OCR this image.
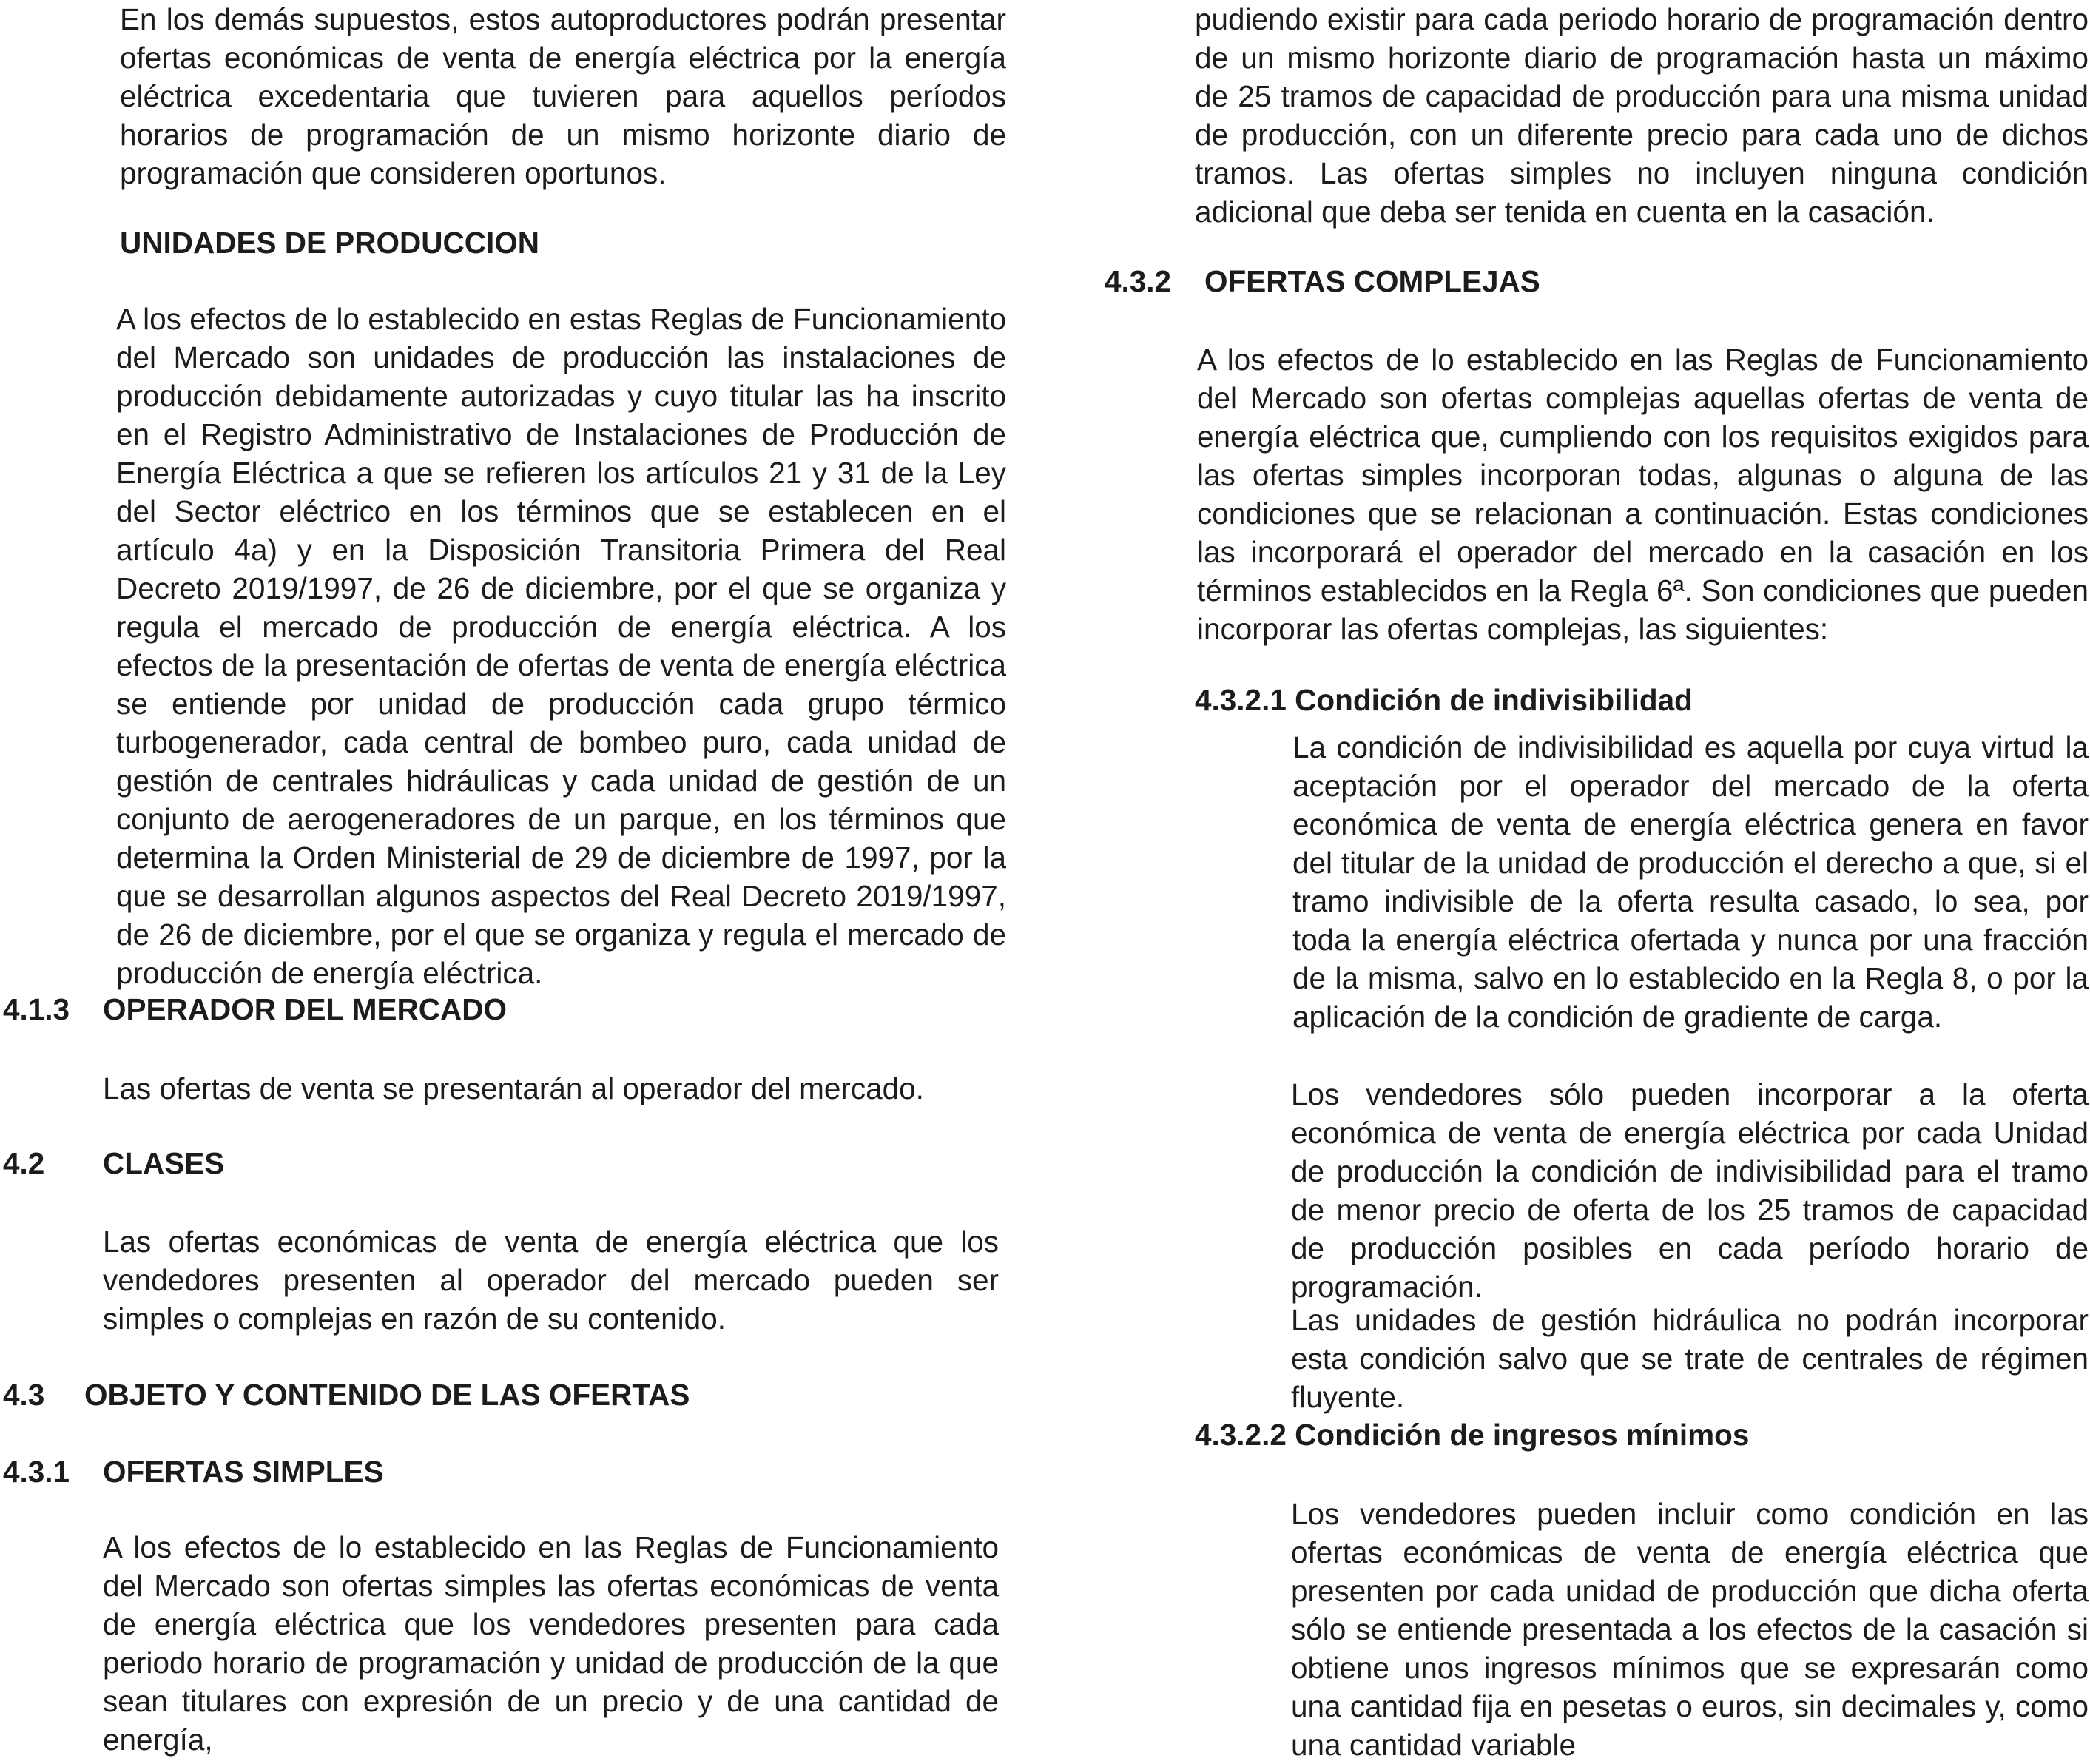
En los demás supuestos, estos autoproductores podrán presentar ofertas económicas de venta de energía eléctrica por la energía eléctrica excedentaria que tuvieren para aquellos períodos horarios de programación de un mismo horizonte diario de programación que consideren oportunos.

UNIDADES DE PRODUCCION

A los efectos de lo establecido en estas Reglas de Funcionamiento del Mercado son unidades de producción las instalaciones de producción debidamente autorizadas y cuyo titular las ha inscrito en el Registro Administrativo de Instalaciones de Producción de Energía Eléctrica a que se refieren los artículos 21 y 31 de la Ley del Sector eléctrico en los términos que se establecen en el artículo 4a) y en la Disposición Transitoria Primera del Real Decreto 2019/1997, de 26 de diciembre, por el que se organiza y regula el mercado de producción de energía eléctrica. A los efectos de la presentación de ofertas de venta de energía eléctrica se entiende por unidad de producción cada grupo térmico turbogenerador, cada central de bombeo puro, cada unidad de gestión de centrales hidráulicas y cada unidad de gestión de un conjunto de aerogeneradores de un parque, en los términos que determina la Orden Ministerial de 29 de diciembre de 1997, por la que se desarrollan algunos aspectos del Real Decreto 2019/1997, de 26 de diciembre, por el que se organiza y regula el mercado de producción de energía eléctrica.

4.1.3 OPERADOR DEL MERCADO

Las ofertas de venta se presentarán al operador del mercado.

4.2 CLASES

Las ofertas económicas de venta de energía eléctrica que los vendedores presenten al operador del mercado pueden ser simples o complejas en razón de su contenido.

4.3 OBJETO Y CONTENIDO DE LAS OFERTAS

4.3.1 OFERTAS SIMPLES

A los efectos de lo establecido en las Reglas de Funcionamiento del Mercado son ofertas simples las ofertas económicas de venta de energía eléctrica que los vendedores presenten para cada periodo horario de programación y unidad de producción de la que sean titulares con expresión de un precio y de una cantidad de energía,

pudiendo existir para cada periodo horario de programación dentro de un mismo horizonte diario de programación hasta un máximo de 25 tramos de capacidad de producción para una misma unidad de producción, con un diferente precio para cada uno de dichos tramos. Las ofertas simples no incluyen ninguna condición adicional que deba ser tenida en cuenta en la casación.

4.3.2 OFERTAS COMPLEJAS

A los efectos de lo establecido en las Reglas de Funcionamiento del Mercado son ofertas complejas aquellas ofertas de venta de energía eléctrica que, cumpliendo con los requisitos exigidos para las ofertas simples incorporan todas, algunas o alguna de las condiciones que se relacionan a continuación. Estas condiciones las incorporará el operador del mercado en la casación en los términos establecidos en la Regla 6ª. Son condiciones que pueden incorporar las ofertas complejas, las siguientes:

4.3.2.1 Condición de indivisibilidad

La condición de indivisibilidad es aquella por cuya virtud la aceptación por el operador del mercado de la oferta económica de venta de energía eléctrica genera en favor del titular de la unidad de producción el derecho a que, si el tramo indivisible de la oferta resulta casado, lo sea, por toda la energía eléctrica ofertada y nunca por una fracción de la misma, salvo en lo establecido en la Regla 8, o por la aplicación de la condición de gradiente de carga.

Los vendedores sólo pueden incorporar a la oferta económica de venta de energía eléctrica por cada Unidad de producción la condición de indivisibilidad para el tramo de menor precio de oferta de los 25 tramos de capacidad de producción posibles en cada período horario de programación.

Las unidades de gestión hidráulica no podrán incorporar esta condición salvo que se trate de centrales de régimen fluyente.

4.3.2.2 Condición de ingresos mínimos

Los vendedores pueden incluir como condición en las ofertas económicas de venta de energía eléctrica que presenten por cada unidad de producción que dicha oferta sólo se entiende presentada a los efectos de la casación si obtiene unos ingresos mínimos que se expresarán como una cantidad fija en pesetas o euros, sin decimales y, como una cantidad variable
